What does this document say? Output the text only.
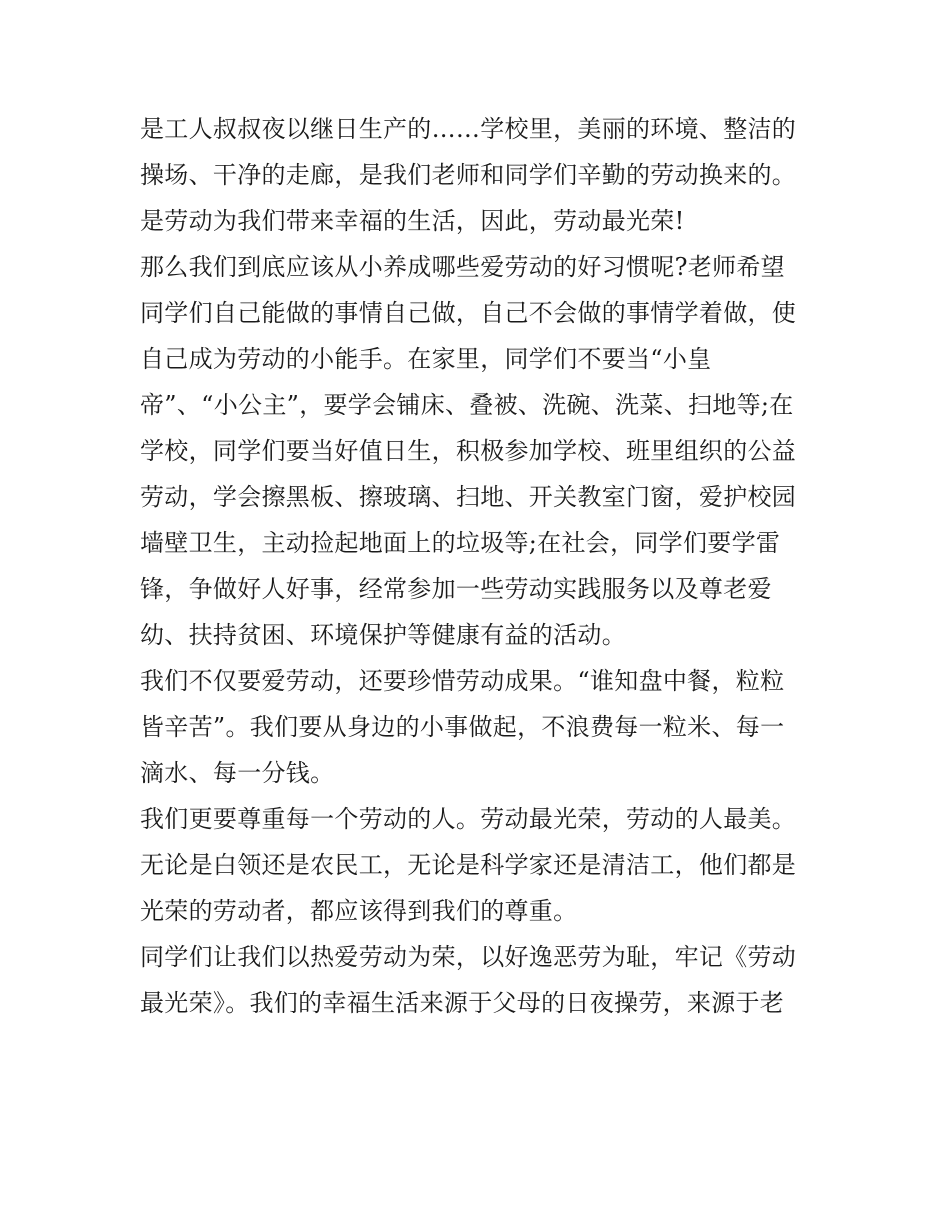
是工人叔叔夜以继日生产的……学校里，美丽的环境、整洁的
操场、干净的走廊，是我们老师和同学们辛勤的劳动换来的。
是劳动为我们带来幸福的生活，因此，劳动最光荣!
那么我们到底应该从小养成哪些爱劳动的好习惯呢?老师希望
同学们自己能做的事情自己做，自己不会做的事情学着做，使
自己成为劳动的小能手。在家里，同学们不要当“小皇
帝”、“小公主”，要学会铺床、叠被、洗碗、洗菜、扫地等;在
学校，同学们要当好值日生，积极参加学校、班里组织的公益
劳动，学会擦黑板、擦玻璃、扫地、开关教室门窗，爱护校园
墙壁卫生，主动捡起地面上的垃圾等;在社会，同学们要学雷
锋，争做好人好事，经常参加一些劳动实践服务以及尊老爱
幼、扶持贫困、环境保护等健康有益的活动。
我们不仅要爱劳动，还要珍惜劳动成果。“谁知盘中餐，粒粒
皆辛苦”。我们要从身边的小事做起，不浪费每一粒米、每一
滴水、每一分钱。
我们更要尊重每一个劳动的人。劳动最光荣，劳动的人最美。
无论是白领还是农民工，无论是科学家还是清洁工，他们都是
光荣的劳动者，都应该得到我们的尊重。
同学们让我们以热爱劳动为荣，以好逸恶劳为耻，牢记《劳动
最光荣》。我们的幸福生活来源于父母的日夜操劳，来源于老
